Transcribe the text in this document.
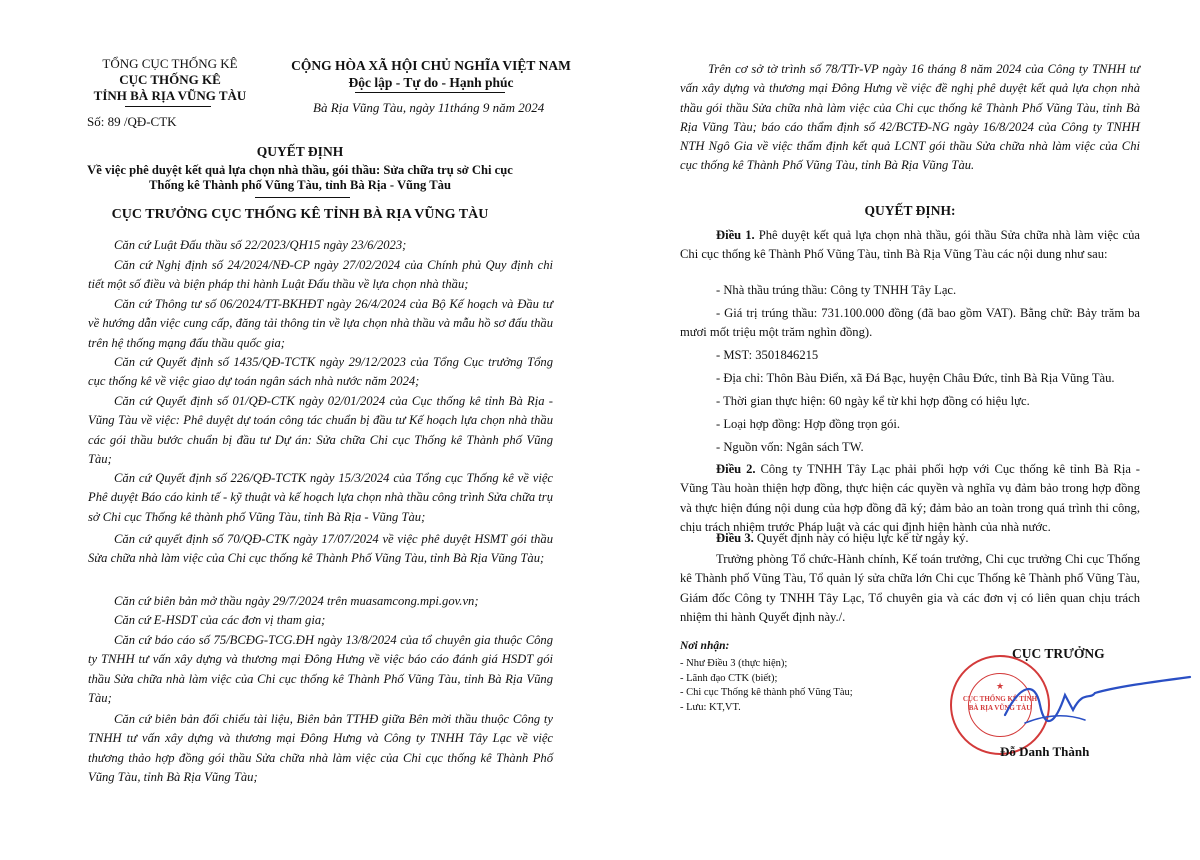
TỔNG CỤC THỐNG KÊ
CỤC THỐNG KÊ
TỈNH BÀ RỊA VŨNG TÀU
Số: 89 /QĐ-CTK
CỘNG HÒA XÃ HỘI CHỦ NGHĨA VIỆT NAM
Độc lập - Tự do - Hạnh phúc
Bà Rịa Vũng Tàu, ngày 11tháng 9 năm 2024
QUYẾT ĐỊNH
Về việc phê duyệt kết quả lựa chọn nhà thầu, gói thầu: Sửa chữa trụ sở Chi cục
Thống kê Thành phố Vũng Tàu, tỉnh Bà Rịa - Vũng Tàu
CỤC TRƯỞNG CỤC THỐNG KÊ TỈNH BÀ RỊA VŨNG TÀU
Căn cứ Luật Đấu thầu số 22/2023/QH15 ngày 23/6/2023;
Căn cứ Nghị định số 24/2024/NĐ-CP ngày 27/02/2024 của Chính phủ Quy định chi tiết một số điều và biện pháp thi hành Luật Đấu thầu về lựa chọn nhà thầu;
Căn cứ Thông tư số 06/2024/TT-BKHĐT ngày 26/4/2024 của Bộ Kế hoạch và Đầu tư về hướng dẫn việc cung cấp, đăng tải thông tin về lựa chọn nhà thầu và mẫu hồ sơ đấu thầu trên hệ thống mạng đấu thầu quốc gia;
Căn cứ Quyết định số 1435/QĐ-TCTK ngày 29/12/2023 của Tổng Cục trưởng Tổng cục thống kê về việc giao dự toán ngân sách nhà nước năm 2024;
Căn cứ Quyết định số 01/QĐ-CTK ngày 02/01/2024 của Cục thống kê tỉnh Bà Rịa - Vũng Tàu về việc: Phê duyệt dự toán công tác chuẩn bị đầu tư Kế hoạch lựa chọn nhà thầu các gói thầu bước chuẩn bị đầu tư Dự án: Sửa chữa Chi cục Thống kê Thành phố Vũng Tàu;
Căn cứ Quyết định số 226/QĐ-TCTK ngày 15/3/2024 của Tổng cục Thống kê về việc Phê duyệt Báo cáo kinh tế - kỹ thuật và kế hoạch lựa chọn nhà thầu công trình Sửa chữa trụ sở Chi cục Thống kê thành phố Vũng Tàu, tỉnh Bà Rịa - Vũng Tàu;
Căn cứ quyết định số 70/QĐ-CTK ngày 17/07/2024 về việc phê duyệt HSMT gói thầu Sửa chữa nhà làm việc của Chi cục thống kê Thành Phố Vũng Tàu, tỉnh Bà Rịa Vũng Tàu;
Căn cứ biên bản mở thầu ngày 29/7/2024 trên muasamcong.mpi.gov.vn;
Căn cứ E-HSDT của các đơn vị tham gia;
Căn cứ báo cáo số 75/BCĐG-TCG.ĐH ngày 13/8/2024 của tổ chuyên gia thuộc Công ty TNHH tư vấn xây dựng và thương mại Đông Hưng về việc báo cáo đánh giá HSDT gói thầu Sửa chữa nhà làm việc của Chi cục thống kê Thành Phố Vũng Tàu, tỉnh Bà Rịa Vũng Tàu;
Căn cứ biên bản đối chiếu tài liệu, Biên bản TTHĐ giữa Bên mời thầu thuộc Công ty TNHH tư vấn xây dựng và thương mại Đông Hưng và Công ty TNHH Tây Lạc về việc thương thảo hợp đồng gói thầu Sửa chữa nhà làm việc của Chi cục thống kê Thành Phố Vũng Tàu, tỉnh Bà Rịa Vũng Tàu;
Trên cơ sở tờ trình số 78/TTr-VP ngày 16 tháng 8 năm 2024 của Công ty TNHH tư vấn xây dựng và thương mại Đông Hưng về việc đề nghị phê duyệt kết quả lựa chọn nhà thầu gói thầu Sửa chữa nhà làm việc của Chi cục thống kê Thành Phố Vũng Tàu, tỉnh Bà Rịa Vũng Tàu; báo cáo thẩm định số 42/BCTĐ-NG ngày 16/8/2024 của Công ty TNHH NTH Ngô Gia về việc thẩm định kết quả LCNT gói thầu Sửa chữa nhà làm việc của Chi cục thống kê Thành Phố Vũng Tàu, tỉnh Bà Rịa Vũng Tàu.
QUYẾT ĐỊNH:
Điều 1. Phê duyệt kết quả lựa chọn nhà thầu, gói thầu Sửa chữa nhà làm việc của Chi cục thống kê Thành Phố Vũng Tàu, tỉnh Bà Rịa Vũng Tàu các nội dung như sau:
- Nhà thầu trúng thầu: Công ty TNHH Tây Lạc.
- Giá trị trúng thầu: 731.100.000 đồng (đã bao gồm VAT). Bằng chữ: Bảy trăm ba mươi mốt triệu một trăm nghìn đồng).
- MST: 3501846215
- Địa chỉ: Thôn Bàu Điển, xã Đá Bạc, huyện Châu Đức, tỉnh Bà Rịa Vũng Tàu.
- Thời gian thực hiện: 60 ngày kể từ khi hợp đồng có hiệu lực.
- Loại hợp đồng: Hợp đồng trọn gói.
- Nguồn vốn: Ngân sách TW.
Điều 2. Công ty TNHH Tây Lạc phải phối hợp với Cục thống kê tỉnh Bà Rịa - Vũng Tàu hoàn thiện hợp đồng, thực hiện các quyền và nghĩa vụ đảm bảo trong hợp đồng và thực hiện đúng nội dung của hợp đồng đã ký; đảm bảo an toàn trong quá trình thi công, chịu trách nhiệm trước Pháp luật và các qui định hiện hành của nhà nước.
Điều 3. Quyết định này có hiệu lực kể từ ngày ký.
Trưởng phòng Tổ chức-Hành chính, Kế toán trưởng, Chi cục trưởng Chi cục Thống kê Thành phố Vũng Tàu, Tổ quản lý sửa chữa lớn Chi cục Thống kê Thành phố Vũng Tàu, Giám đốc Công ty TNHH Tây Lạc, Tổ chuyên gia và các đơn vị có liên quan chịu trách nhiệm thi hành Quyết định này./.
Nơi nhận:
- Như Điều 3 (thực hiện);
- Lãnh đạo CTK (biết);
- Chi cục Thống kê thành phố Vũng Tàu;
- Lưu: KT,VT.
CỤC TRƯỞNG
CỤC THỐNG KÊ TỈNH BÀ RỊA VŨNG TÀU
★
Đỗ Danh Thành
